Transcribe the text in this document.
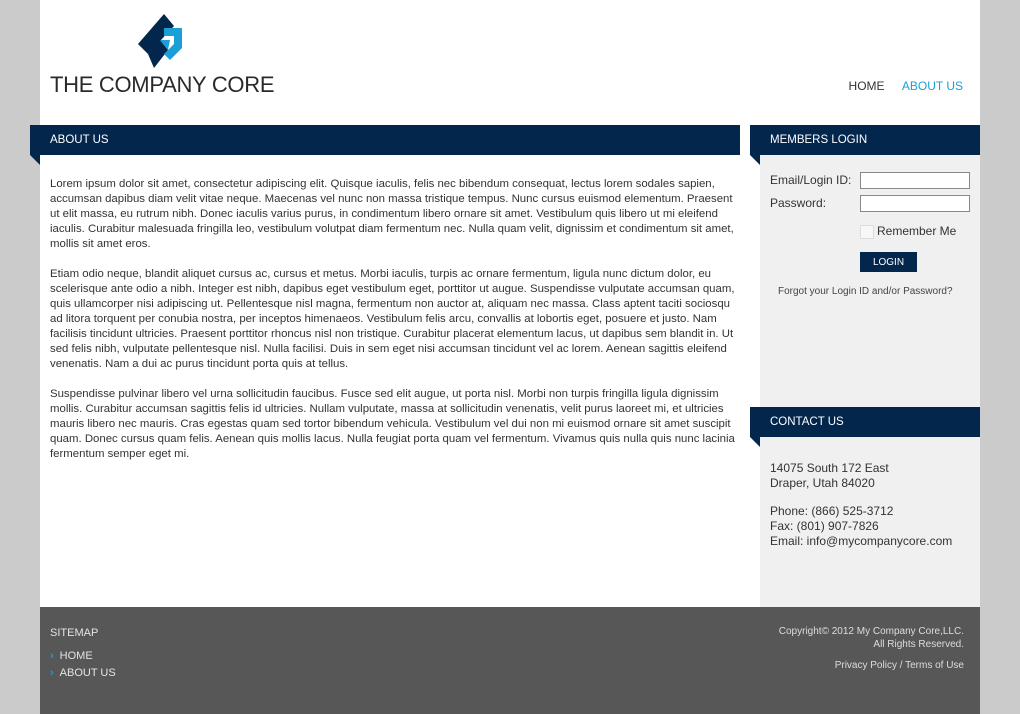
THE COMPANY CORE	HOME ABOUT US
ABOUT US

Lorem ipsum dolor sit amet, consectetur adipiscing elit. Quisque iaculis, felis nec bibendum consequat, lectus lorem sodales sapien, accumsan dapibus diam velit vitae neque. Maecenas vel nunc non massa tristique tempus. Nunc cursus euismod elementum. Praesent ut elit massa, eu rutrum nibh. Donec iaculis varius purus, in condimentum libero ornare sit amet. Vestibulum quis libero ut mi eleifend iaculis. Curabitur malesuada fringilla leo, vestibulum volutpat diam fermentum nec. Nulla quam velit, dignissim et condimentum sit amet, mollis sit amet eros.

Etiam odio neque, blandit aliquet cursus ac, cursus et metus. Morbi iaculis, turpis ac ornare fermentum, ligula nunc dictum dolor, eu scelerisque ante odio a nibh. Integer est nibh, dapibus eget vestibulum eget, porttitor ut augue. Suspendisse vulputate accumsan quam, quis ullamcorper nisi adipiscing ut. Pellentesque nisl magna, fermentum non auctor at, aliquam nec massa. Class aptent taciti sociosqu ad litora torquent per conubia nostra, per inceptos himenaeos. Vestibulum felis arcu, convallis at lobortis eget, posuere et justo. Nam facilisis tincidunt ultricies. Praesent porttitor rhoncus nisl non tristique. Curabitur placerat elementum lacus, ut dapibus sem blandit in. Ut sed felis nibh, vulputate pellentesque nisl. Nulla facilisi. Duis in sem eget nisi accumsan tincidunt vel ac lorem. Aenean sagittis eleifend venenatis. Nam a dui ac purus tincidunt porta quis at tellus.

Suspendisse pulvinar libero vel urna sollicitudin faucibus. Fusce sed elit augue, ut porta nisl. Morbi non turpis fringilla ligula dignissim mollis. Curabitur accumsan sagittis felis id ultricies. Nullam vulputate, massa at sollicitudin venenatis, velit purus laoreet mi, et ultricies mauris libero nec mauris. Cras egestas quam sed tortor bibendum vehicula. Vestibulum vel dui non mi euismod ornare sit amet suscipit quam. Donec cursus quam felis. Aenean quis mollis lacus. Nulla feugiat porta quam vel fermentum. Vivamus quis nulla quis nunc lacinia fermentum semper eget mi.

MEMBERS LOGIN
Email/Login ID:
Password:
Remember Me
LOGIN
Forgot your Login ID and/or Password?
CONTACT US
14075 South 172 East
Draper, Utah 84020
Phone: (866) 525-3712
Fax: (801) 907-7826
Email: info@mycompanycore.com
SITEMAP
› HOME
› ABOUT US
Copyright© 2012 My Company Core,LLC.
All Rights Reserved.
Privacy Policy / Terms of Use
